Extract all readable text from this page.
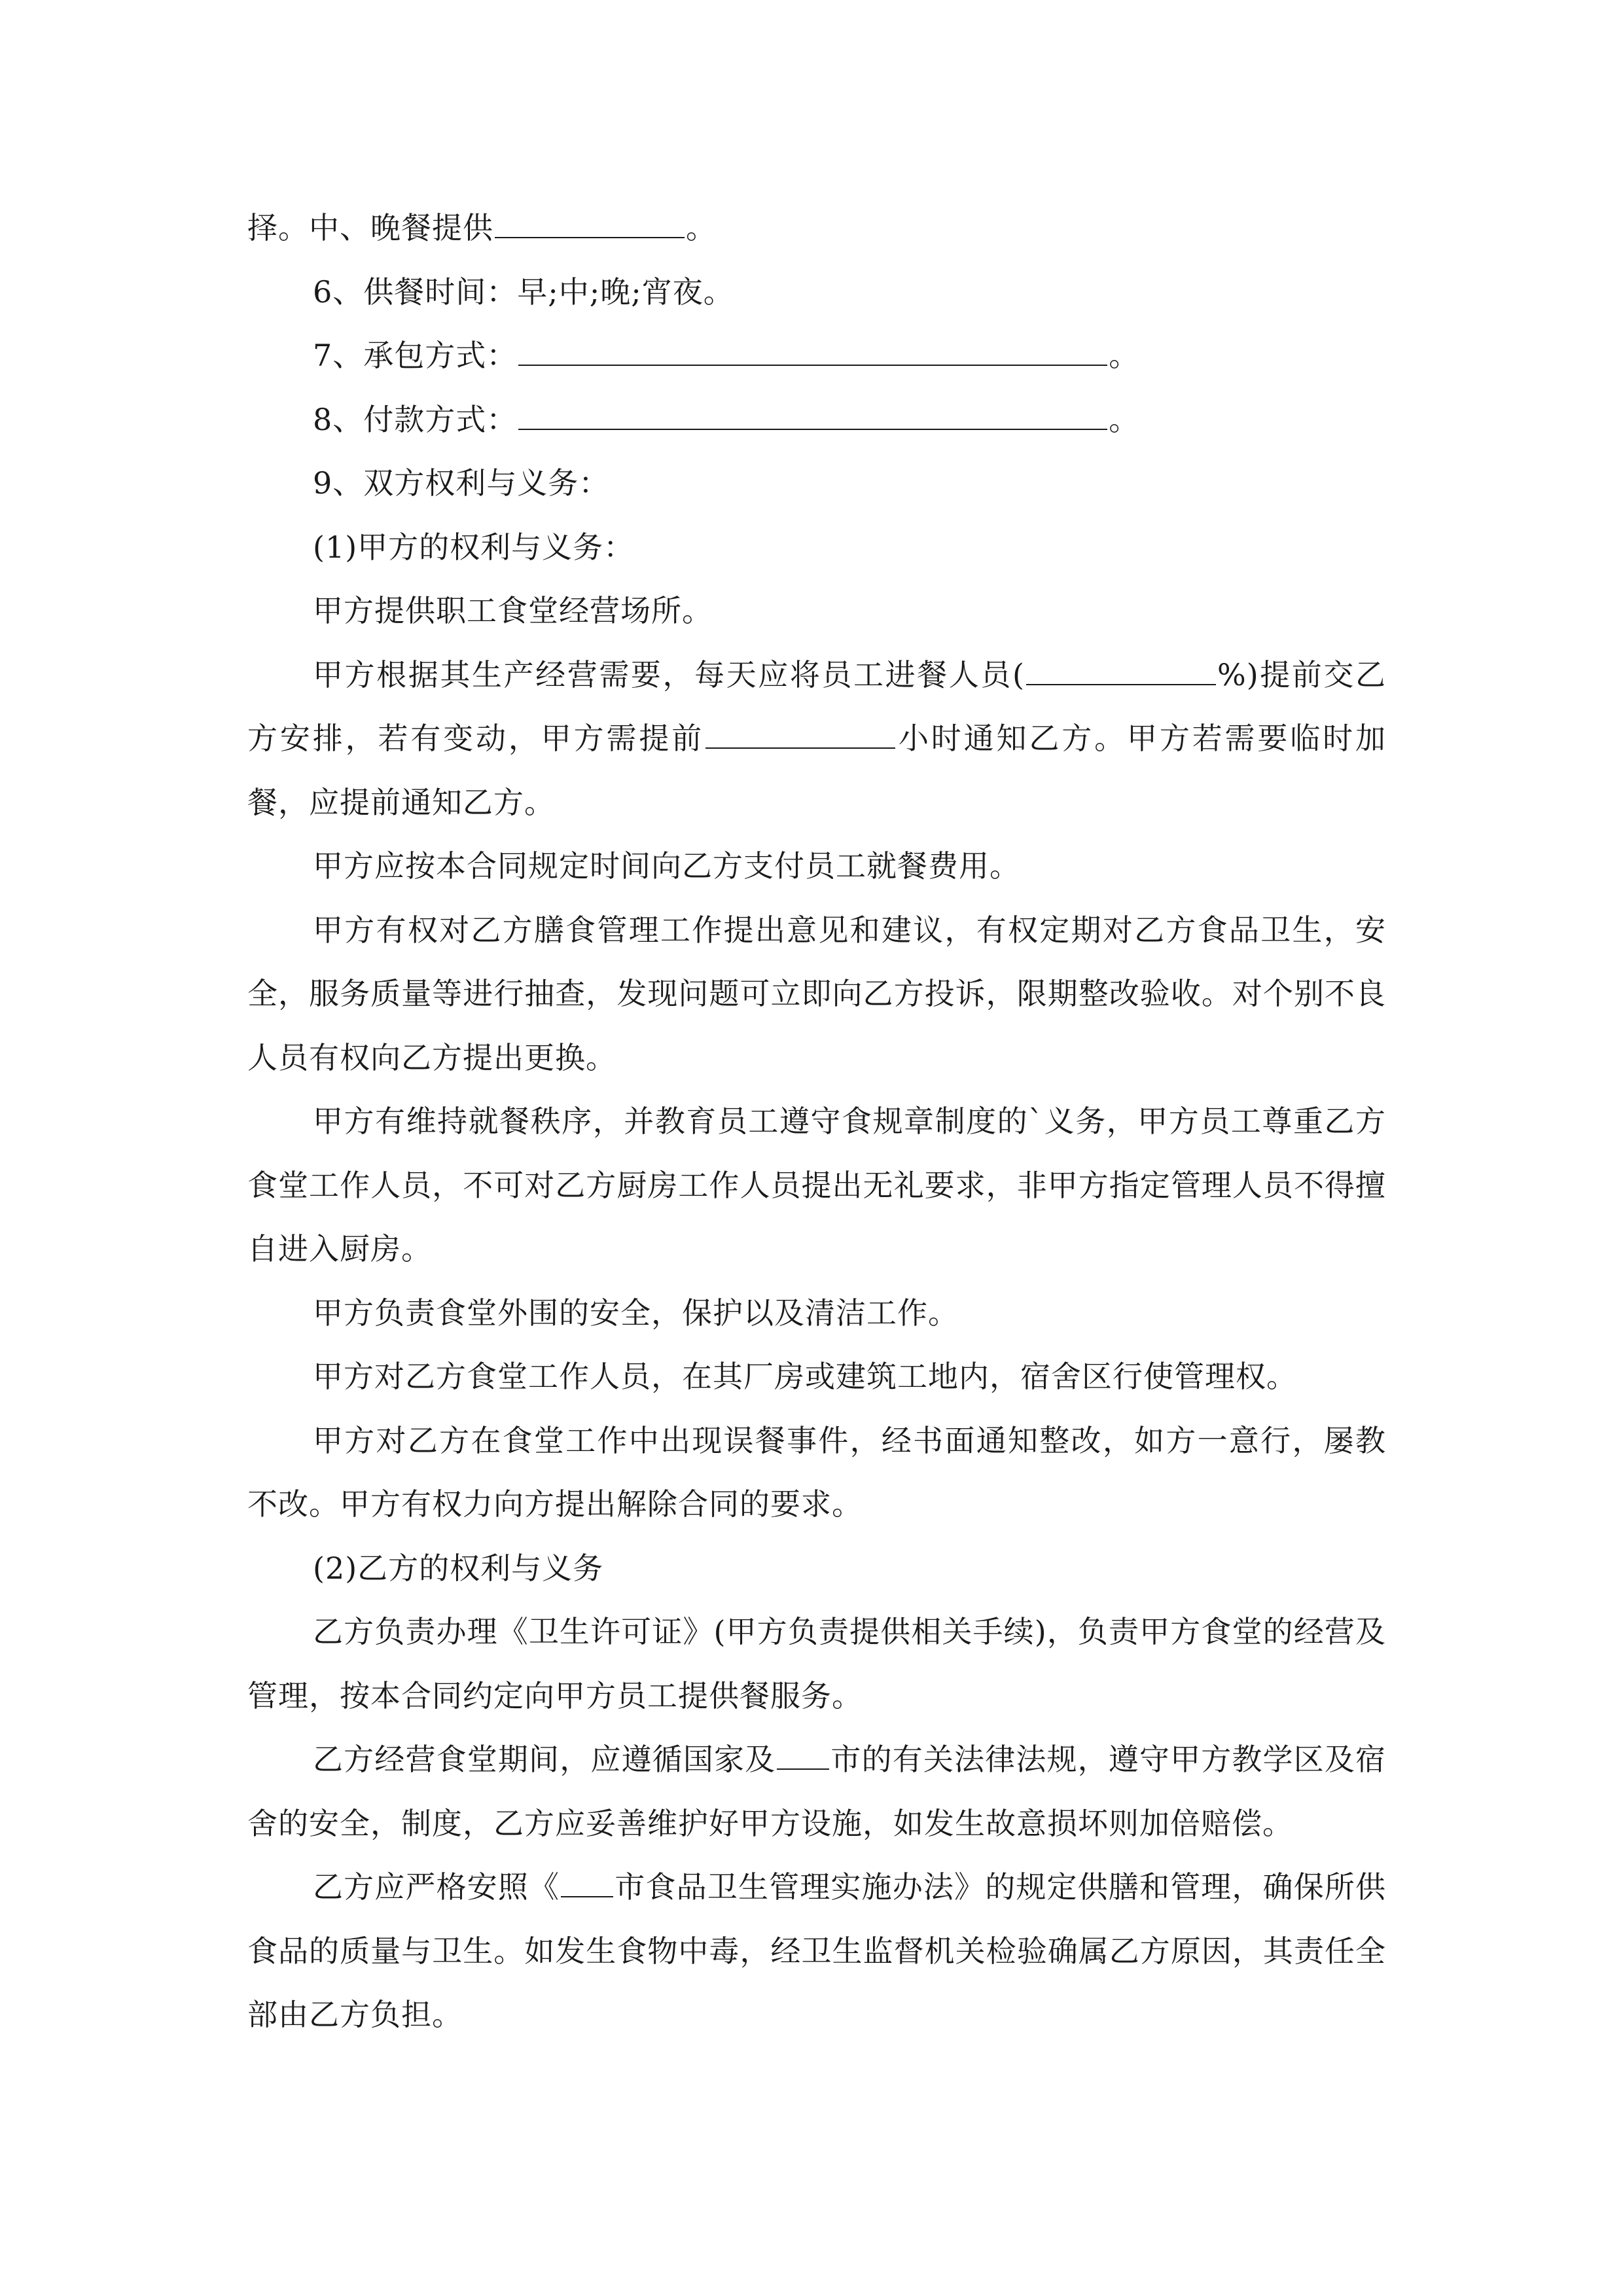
择。中、晚餐提供	。

6、供餐时间：早;中;晚;宵夜。

7、承包方式：	。

8、付款方式：	。

9、双方权利与义务：

(1)甲方的权利与义务：

甲方提供职工食堂经营场所。

甲方根据其生产经营需要，每天应将员工进餐人员(	%)提前交乙方安排，若有变动，甲方需提前	小时通知乙方。甲方若需要临时加餐，应提前通知乙方。

甲方应按本合同规定时间向乙方支付员工就餐费用。

甲方有权对乙方膳食管理工作提出意见和建议，有权定期对乙方食品卫生，安全，服务质量等进行抽查，发现问题可立即向乙方投诉，限期整改验收。对个别不良人员有权向乙方提出更换。

甲方有维持就餐秩序，并教育员工遵守食规章制度的`义务，甲方员工尊重乙方食堂工作人员，不可对乙方厨房工作人员提出无礼要求，非甲方指定管理人员不得擅自进入厨房。

甲方负责食堂外围的安全，保护以及清洁工作。

甲方对乙方食堂工作人员，在其厂房或建筑工地内，宿舍区行使管理权。

甲方对乙方在食堂工作中出现误餐事件，经书面通知整改，如方一意行，屡教不改。甲方有权力向方提出解除合同的要求。

(2)乙方的权利与义务

乙方负责办理《卫生许可证》(甲方负责提供相关手续)，负责甲方食堂的经营及管理，按本合同约定向甲方员工提供餐服务。

乙方经营食堂期间，应遵循国家及 市的有关法律法规，遵守甲方教学区及宿舍的安全，制度，乙方应妥善维护好甲方设施，如发生故意损坏则加倍赔偿。

乙方应严格安照《 市食品卫生管理实施办法》的规定供膳和管理，确保所供食品的质量与卫生。如发生食物中毒，经卫生监督机关检验确属乙方原因，其责任全部由乙方负担。
